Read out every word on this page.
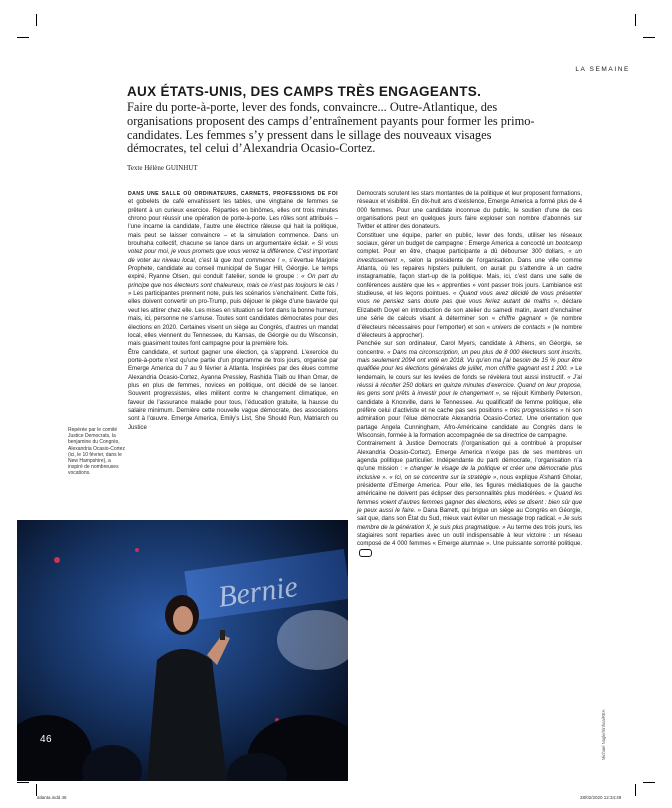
LA SEMAINE
AUX ÉTATS-UNIS, DES CAMPS TRÈS ENGAGEANTS.

Faire du porte-à-porte, lever des fonds, convaincre... Outre-Atlantique, des organisations proposent des camps d’entraînement payants pour former les primo-candidates. Les femmes s’y pressent dans le sillage des nouveaux visages démocrates, tel celui d’Alexandria Ocasio-Cortez.

Texte Hélène GUINHUT

DANS UNE SALLE OÙ ORDINATEURS, CARNETS, PROFESSIONS DE FOI et gobelets de café envahissent les tables, une vingtaine de femmes se prêtent à un curieux exercice. Réparties en binômes, elles ont trois minutes chrono pour réussir une opération de porte-à-porte. Les rôles sont attribués – l’une incarne la candidate, l’autre une électrice râleuse qui hait la politique, mais peut se laisser convaincre – et la simulation commence. Dans un brouhaha collectif, chacune se lance dans un argumentaire éclair. « Si vous votez pour moi, je vous promets que vous verrez la différence. C’est important de voter au niveau local, c’est là que tout commence ! », s’évertue Marjorie Prophete, candidate au conseil municipal de Sugar Hill, Géorgie. Le temps expiré, Ryanne Olsen, qui conduit l’atelier, sonde le groupe : « On part du principe que nos électeurs sont chaleureux, mais ce n’est pas toujours le cas ! » Les participantes prennent note, puis les scénarios s’enchaînent. Cette fois, elles doivent convertir un pro-Trump, puis déjouer le piège d’une bavarde qui veut les attirer chez elle. Les mises en situation se font dans la bonne humeur, mais, ici, personne ne s’amuse. Toutes sont candidates démocrates pour des élections en 2020. Certaines visent un siège au Congrès, d’autres un mandat local, elles viennent du Tennessee, du Kansas, de Géorgie ou du Wisconsin, mais guasiment toutes font campagne pour la première fois.

Être candidate, et surtout gagner une élection, ça s’apprend. L’exercice du porte-à-porte n’est qu’une partie d’un programme de trois jours, organisé par Emerge America du 7 au 9 février à Atlanta. Inspirées par des élues comme Alexandria Ocasio-Cortez, Ayanna Pressley, Rashida Tlaib ou Ilhan Omar, de plus en plus de femmes, novices en politique, ont décidé de se lancer. Souvent progressistes, elles militent contre le changement climatique, en faveur de l’assurance maladie pour tous, l’éducation gratuite, la hausse du salaire minimum. Dernière cette nouvelle vague démocrate, des associations sont à l’œuvre. Emerge America, Emily’s List, She Should Run, Matriarch ou Justice

Repérée par le comité Justice Democrats, la benjamine du Congrès, Alexandria Ocasio-Cortez (ici, le 10 février, dans le New Hampshire), a inspiré de nombreuses vocations.
Bernie
46

Democrats scrutent les stars montantes de la politique et leur proposent formations, réseaux et visibilité. En dix-huit ans d’existence, Emerge America a formé plus de 4 000 femmes. Pour une candidate inconnue du public, le soutien d’une de ces organisations peut en quelques jours faire exploser son nombre d’abonnés sur Twitter et attirer des donateurs.

Constituer une équipe, parler en public, lever des fonds, utiliser les réseaux sociaux, gérer un budget de campagne : Emerge America a concocté un bootcamp complet. Pour en être, chaque participante a dû débourser 300 dollars, « un investissement », selon la présidente de l’organisation. Dans une ville comme Atlanta, où les repaires hipsters pullulent, on aurait pu s’attendre à un cadre instagramable, façon start-up de la politique. Mais, ici, c’est dans une salle de conférences austère que les « apprenties » vont passer trois jours. Lambiance est studieuse, et les leçons pointues. « Quand vous avez décidé de vous présenter vous ne pensiez sans doute pas que vous feriez autant de maths », déclare Elizabeth Doyel en introduction de son atelier du samedi matin, avant d’enchaîner une série de calculs visant à déterminer son « chiffre gagnant » (le nombre d’électeurs nécessaires pour l’emporter) et son « univers de contacts » (le nombre d’électeurs à approcher).

Penchée sur son ordinateur, Carol Myers, candidate à Athens, en Géorgie, se concentre. « Dans ma circonscription, un peu plus de 8 000 électeurs sont inscrits, mais seulement 2094 ont voté en 2018. Vu qu’en ma j’ai besoin de 15 % pour être qualifiée pour les élections générales de juillet, mon chiffre gagnant est 1 200. » Le lendemain, le cours sur les levées de fonds se révèlera tout aussi instructif. « J’ai réussi à récolter 250 dollars en quinze minutes d’exercice. Quand on leur propose, les gens sont prêts à investir pour le changement », se réjouit Kimberly Peterson, candidate à Knoxville, dans le Tennessee. Au qualificatif de femme politique, elle préfère celui d’activiste et ne cache pas ses positions « très progressistes » ni son admiration pour l’élue démocrate Alexandria Ocasio-Cortez. Une orientation que partage Angela Cunningham, Afro-Américaine candidate au Congrès dans le Wisconsin, formée à la formation accompagnée de sa directrice de campagne.

Contrairement à Justice Democrats (l’organisation qui a contribué à propulser Alexandria Ocasio-Cortez), Emerge America n’exige pas de ses membres un agenda politique particulier. Indépendante du parti démocrate, l’organisation n’a qu’une mission : « changer le visage de la politique et créer une démocratie plus inclusive ». « Ici, on se concentre sur la stratégie », nous explique A’shanti Gholar, présidente d’Emerge America. Pour elle, les figures médiatiques de la gauche américaine ne doivent pas éclipser des personnalités plus modérées. « Quand les femmes voient d’autres femmes gagner des élections, elles se disent : bien sûr que je peux aussi le faire. » Dana Barrett, qui brigue un siège au Congrès en Géorgie, sait que, dans son État du Sud, mieux vaut éviter un message trop radical. « Je suis membre de la génération X, je suis plus pragmatique. » Au terme des trois jours, les stagiaires sont reparties avec un outil indispensable à leur victoire : un réseau composé de 4 000 femmes « Emerge alumnae ». Une puissante sorrorité politique.

Michael Nagle/Xinhua/REA
atlanta.indd 46	28/02/2020 12:34:49
